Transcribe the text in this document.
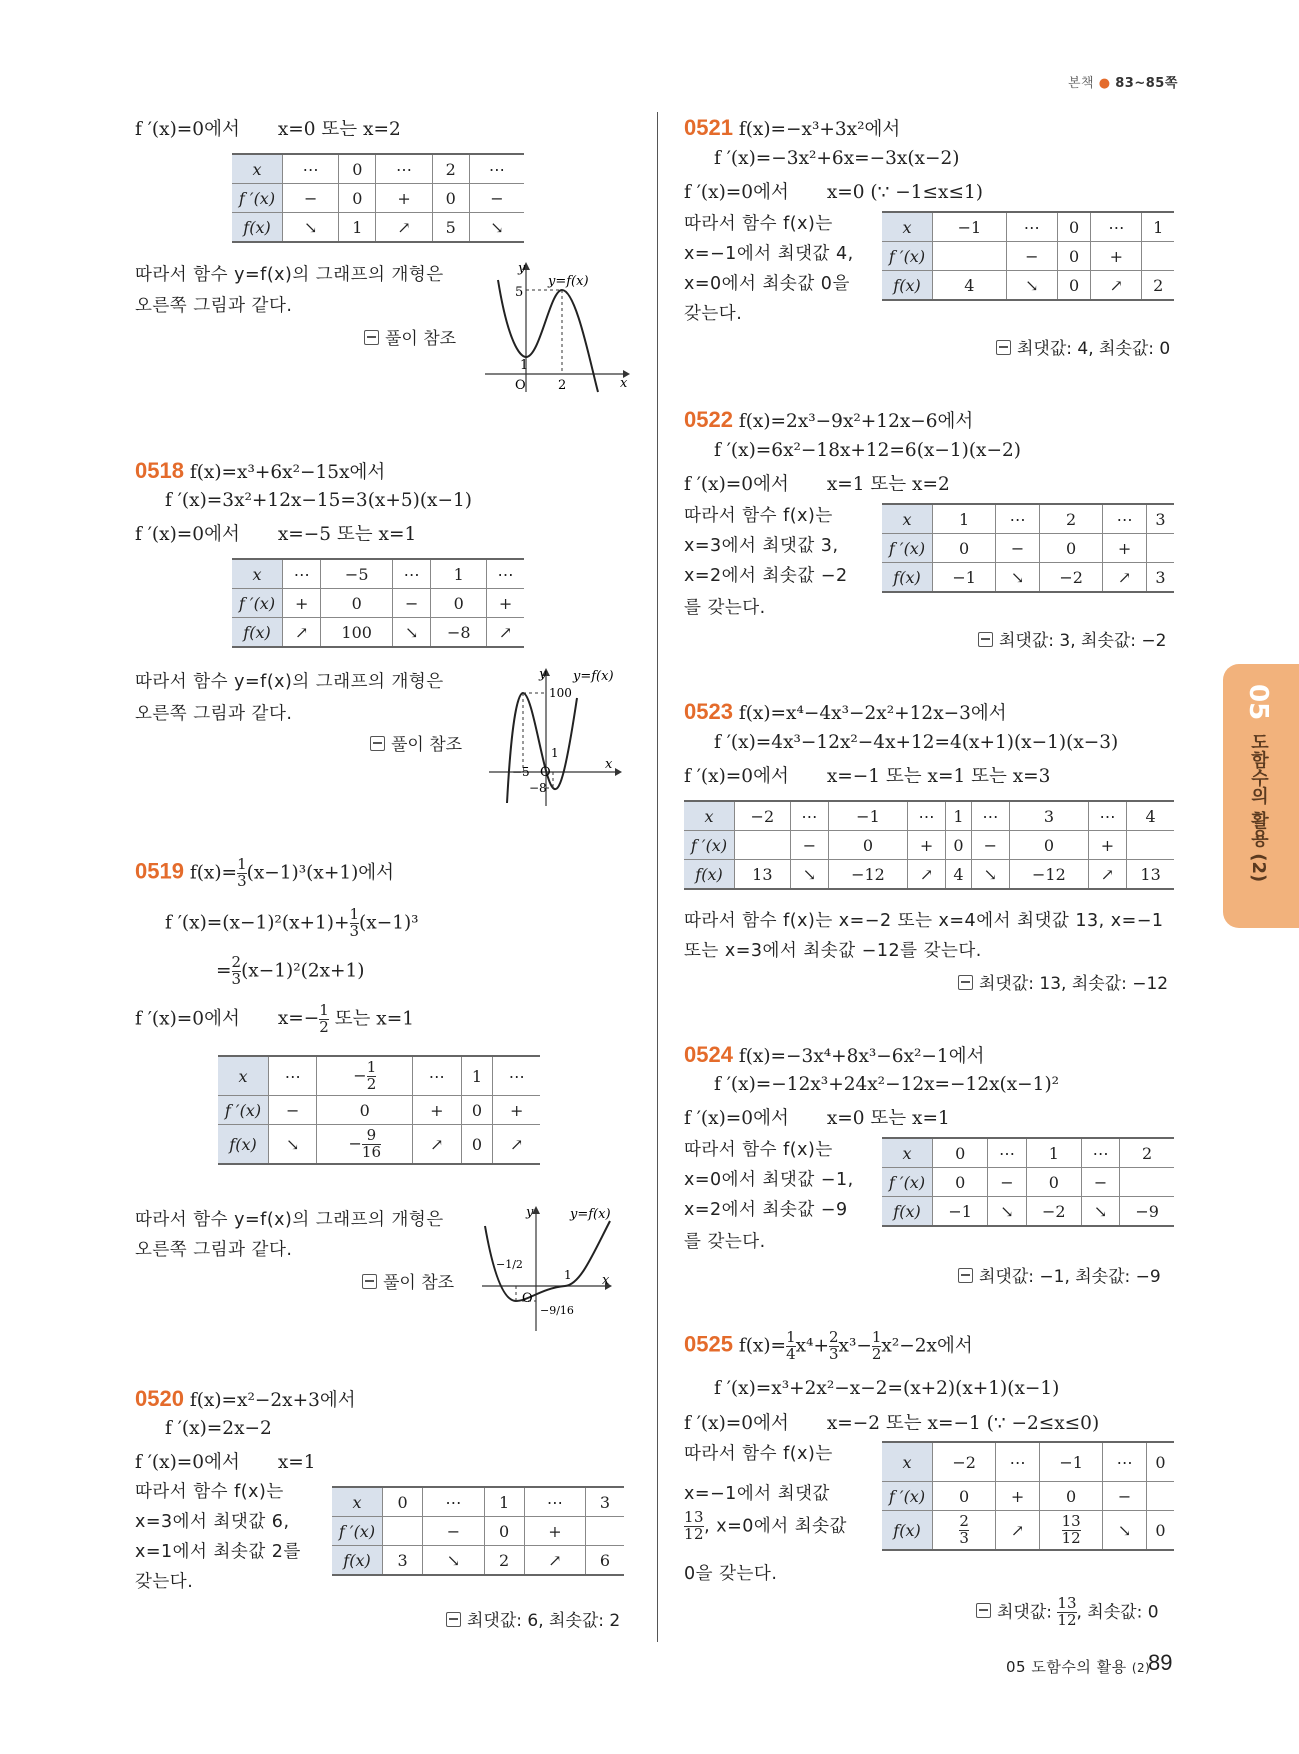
본책 ● 83~85쪽
05  도함수의 활용 (2)
f ′(x)=0에서 x=0 또는 x=2
x	⋯	0	⋯	2	⋯
f ′(x)	−	0	+	0	−
f(x)	↘	1	↗	5	↘
따라서 함수 y=f(x)의 그래프의 개형은
오른쪽 그림과 같다.
풀이 참조
y
x
y=f(x)
O
5
1
2
0518 f(x)=x³+6x²−15x에서
f ′(x)=3x²+12x−15=3(x+5)(x−1)
f ′(x)=0에서 x=−5 또는 x=1
x	⋯	−5	⋯	1	⋯
f ′(x)	+	0	−	0	+
f(x)	↗	100	↘	−8	↗
따라서 함수 y=f(x)의 그래프의 개형은
오른쪽 그림과 같다.
풀이 참조
y
x
y=f(x)
O
100
1
−5
−8
0519 $f(x)= \frac{1}{3} (x-1)^3(x+1)$에서
f $'(x)=(x-1)^2(x+1)+ \frac{1}{3} (x-1)^3$
= $\frac{2}{3} (x-1)^2(2x+1)$
f ′(x)=0에서 $x=- \frac{1}{2}$ 또는 x=1
x	⋯	− $\frac{1}{2}$	⋯	1	⋯
f ′(x)	−	0	+	0	+
f(x)	↘	− $\frac{9}{16}$	↗	0	↗
따라서 함수 y=f(x)의 그래프의 개형은
오른쪽 그림과 같다.
풀이 참조
y
x
y=f(x)
O
−1/2
1
−9/16
0520 f(x)=x²−2x+3에서
f ′(x)=2x−2
f ′(x)=0에서 x=1
따라서 함수 f(x)는
x=3에서 최댓값 6,
x=1에서 최솟값 2를
갖는다.
x	0	⋯	1	⋯	3
f ′(x)		−	0	+	
f(x)	3	↘	2	↗	6
최댓값: 6, 최솟값: 2
0521 f(x)=−x³+3x²에서
f ′(x)=−3x²+6x=−3x(x−2)
f ′(x)=0에서 x=0 (∵ −1≤x≤1)
따라서 함수 f(x)는
x=−1에서 최댓값 4,
x=0에서 최솟값 0을
갖는다.
x	−1	⋯	0	⋯	1
f ′(x)		−	0	+	
f(x)	4	↘	0	↗	2
최댓값: 4, 최솟값: 0
0522 f(x)=2x³−9x²+12x−6에서
f ′(x)=6x²−18x+12=6(x−1)(x−2)
f ′(x)=0에서 x=1 또는 x=2
따라서 함수 f(x)는
x=3에서 최댓값 3,
x=2에서 최솟값 −2
를 갖는다.
x	1	⋯	2	⋯	3
f ′(x)	0	−	0	+	
f(x)	−1	↘	−2	↗	3
최댓값: 3, 최솟값: −2
0523 f(x)=x⁴−4x³−2x²+12x−3에서
f ′(x)=4x³−12x²−4x+12=4(x+1)(x−1)(x−3)
f ′(x)=0에서 x=−1 또는 x=1 또는 x=3
x	−2	⋯	−1	⋯	1	⋯	3	⋯	4
f ′(x)		−	0	+	0	−	0	+	
f(x)	13	↘	−12	↗	4	↘	−12	↗	13
따라서 함수 f(x)는 x=−2 또는 x=4에서 최댓값 13, x=−1
또는 x=3에서 최솟값 −12를 갖는다.
최댓값: 13, 최솟값: −12
0524 f(x)=−3x⁴+8x³−6x²−1에서
f ′(x)=−12x³+24x²−12x=−12x(x−1)²
f ′(x)=0에서 x=0 또는 x=1
따라서 함수 f(x)는
x=0에서 최댓값 −1,
x=2에서 최솟값 −9
를 갖는다.
x	0	⋯	1	⋯	2
f ′(x)	0	−	0	−	
f(x)	−1	↘	−2	↘	−9
최댓값: −1, 최솟값: −9
0525 $f(x)= \frac{1}{4} x^4+ \frac{2}{3} x^3- \frac{1}{2} x^2-2x$에서
f ′(x)=x³+2x²−x−2=(x+2)(x+1)(x−1)
f ′(x)=0에서 x=−2 또는 x=−1 (∵ −2≤x≤0)
따라서 함수 f(x)는
x=−1에서 최댓값
$\frac{13}{12}$ , x=0에서 최솟값
0을 갖는다.
x	−2	⋯	−1	⋯	0
f ′(x)	0	+	0	−	
f(x)	$\frac{2}{3}$	↗	$\frac{13}{12}$	↘	0
최댓값: $\frac{13}{12}$ , 최솟값: 0
05 도함수의 활용 (2)
89
